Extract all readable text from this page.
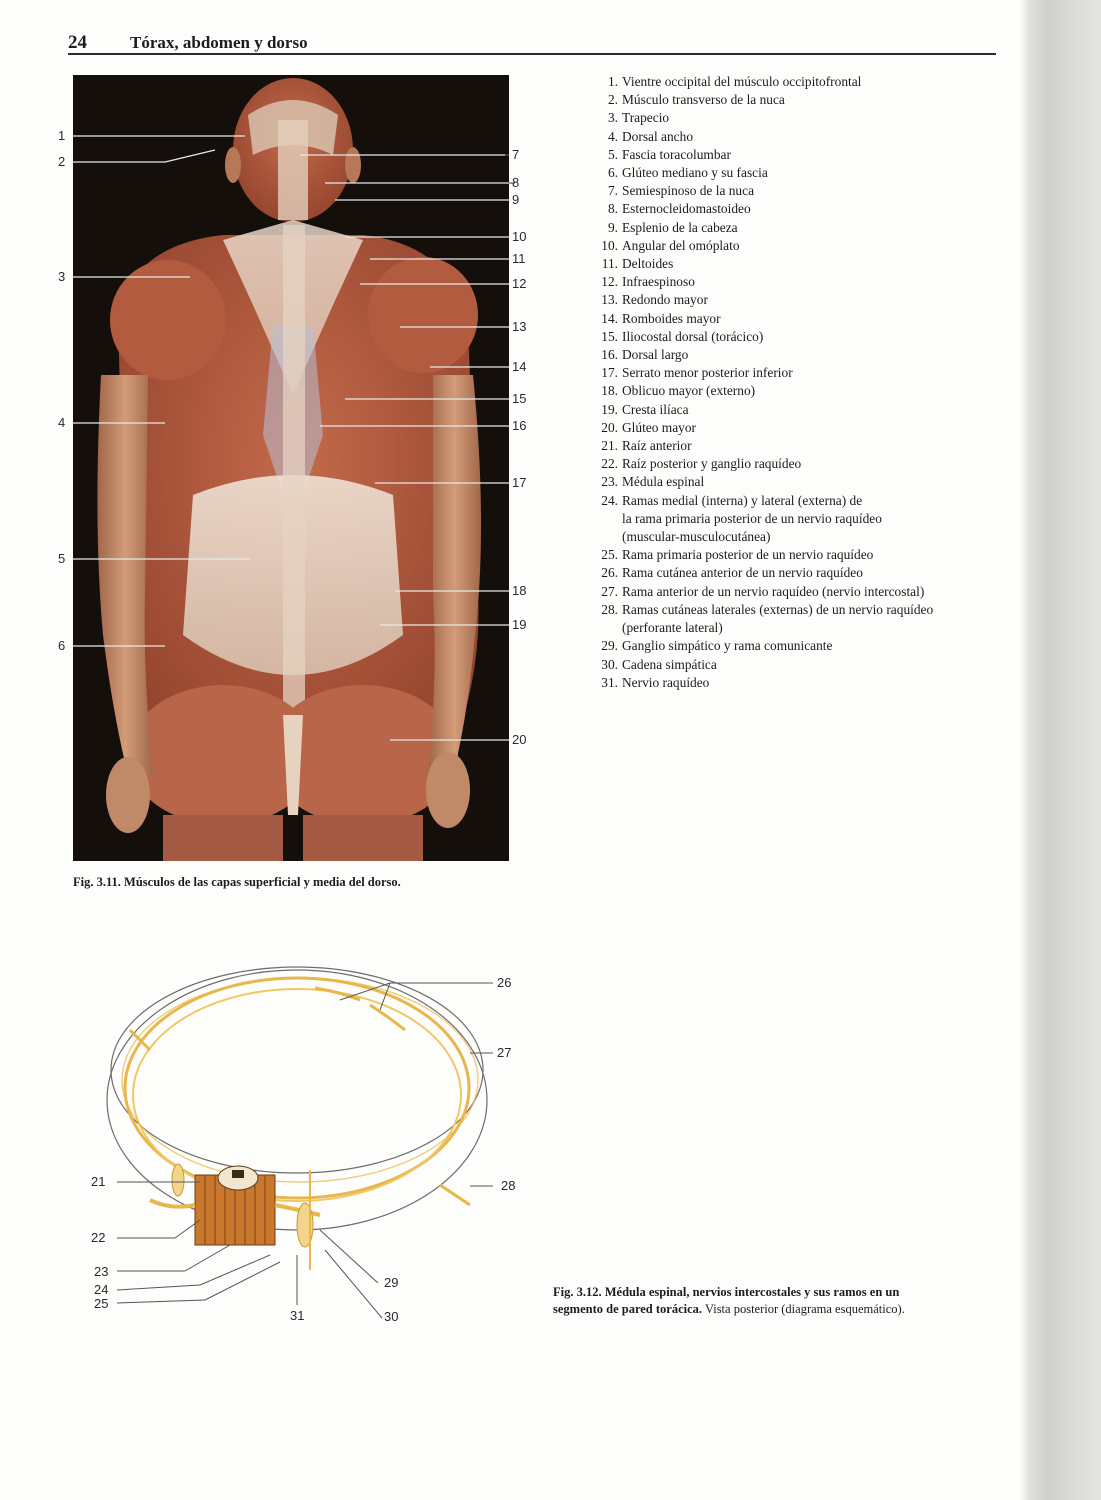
24	Tórax, abdomen y dorso
1
2
3
4
5
6
7
8
9
10
11
12
13
14
15
16
17
18
19
20
1. Vientre occipital del músculo occipitofrontal
2. Músculo transverso de la nuca
3. Trapecio
4. Dorsal ancho
5. Fascia toracolumbar
6. Glúteo mediano y su fascia
7. Semiespinoso de la nuca
8. Esternocleidomastoideo
9. Esplenio de la cabeza
10. Angular del omóplato
11. Deltoides
12. Infraespinoso
13. Redondo mayor
14. Romboides mayor
15. Iliocostal dorsal (torácico)
16. Dorsal largo
17. Serrato menor posterior inferior
18. Oblicuo mayor (externo)
19. Cresta ilíaca
20. Glúteo mayor
21. Raíz anterior
22. Raíz posterior y ganglio raquídeo
23. Médula espinal
24. Ramas medial (interna) y lateral (externa) de
la rama primaria posterior de un nervio raquídeo
(muscular-musculocutánea)
25. Rama primaria posterior de un nervio raquídeo
26. Rama cutánea anterior de un nervio raquídeo
27. Rama anterior de un nervio raquídeo (nervio intercostal)
28. Ramas cutáneas laterales (externas) de un nervio raquídeo
(perforante lateral)
29. Ganglio simpático y rama comunicante
30. Cadena simpática
31. Nervio raquídeo
Fig. 3.11. Músculos de las capas superficial y media del dorso.
21
22
23
24
25
26
27
28
29
30
31
Fig. 3.12. Médula espinal, nervios intercostales y sus ramos en un segmento de pared torácica. Vista posterior (diagrama esquemático).
